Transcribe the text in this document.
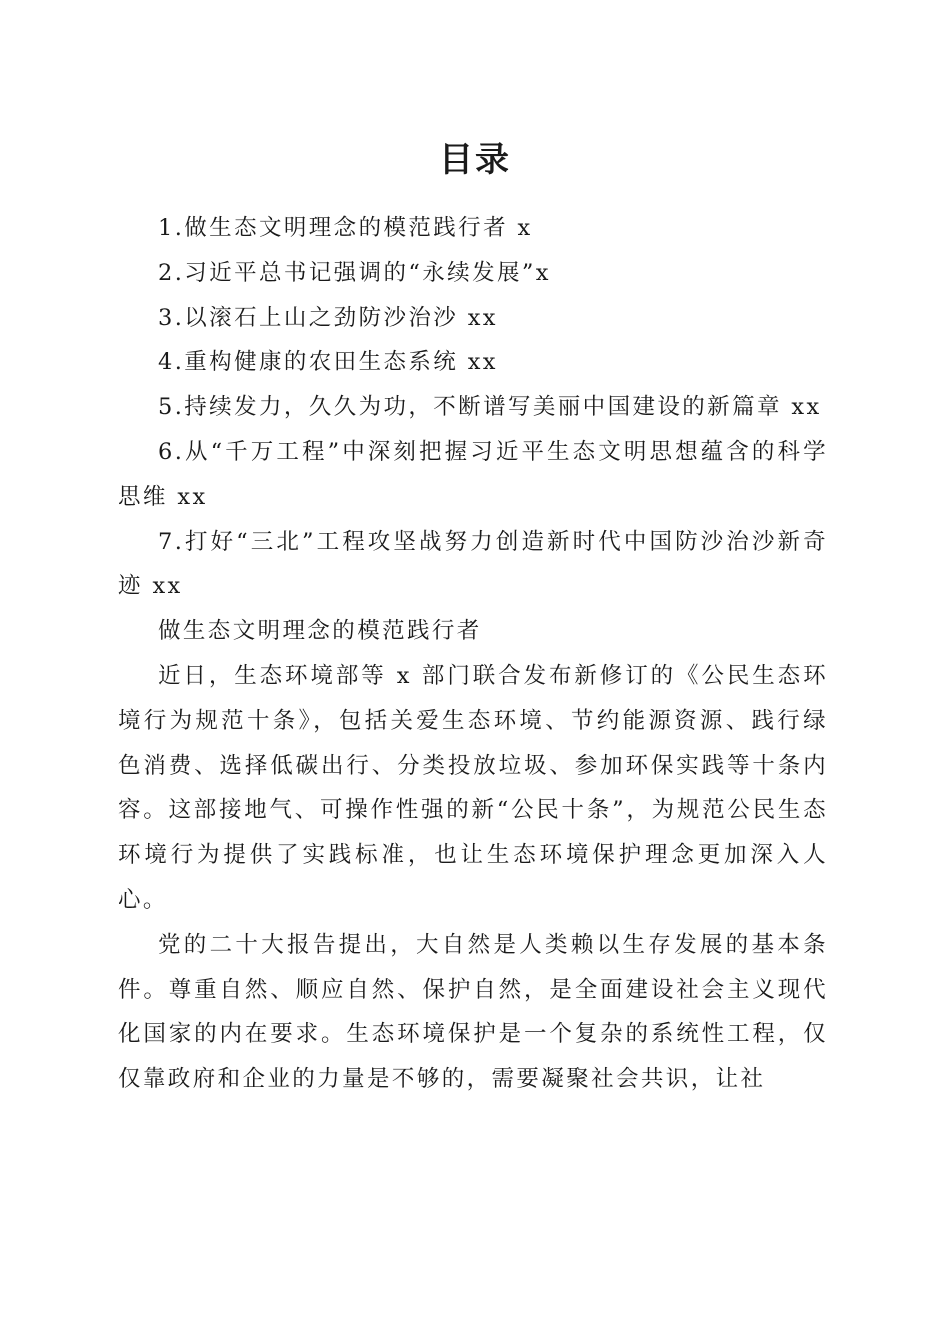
目录

1.做生态文明理念的模范践行者 x

2.习近平总书记强调的“永续发展”x

3.以滚石上山之劲防沙治沙 xx

4.重构健康的农田生态系统 xx

5.持续发力，久久为功，不断谱写美丽中国建设的新篇章 xx

6.从“千万工程”中深刻把握习近平生态文明思想蕴含的科学思维 xx

7.打好“三北”工程攻坚战努力创造新时代中国防沙治沙新奇迹 xx

做生态文明理念的模范践行者

近日，生态环境部等 x 部门联合发布新修订的《公民生态环境行为规范十条》，包括关爱生态环境、节约能源资源、践行绿色消费、选择低碳出行、分类投放垃圾、参加环保实践等十条内容。这部接地气、可操作性强的新“公民十条”，为规范公民生态环境行为提供了实践标准，也让生态环境保护理念更加深入人心。

党的二十大报告提出，大自然是人类赖以生存发展的基本条件。尊重自然、顺应自然、保护自然，是全面建设社会主义现代化国家的内在要求。生态环境保护是一个复杂的系统性工程，仅仅靠政府和企业的力量是不够的，需要凝聚社会共识，让社
